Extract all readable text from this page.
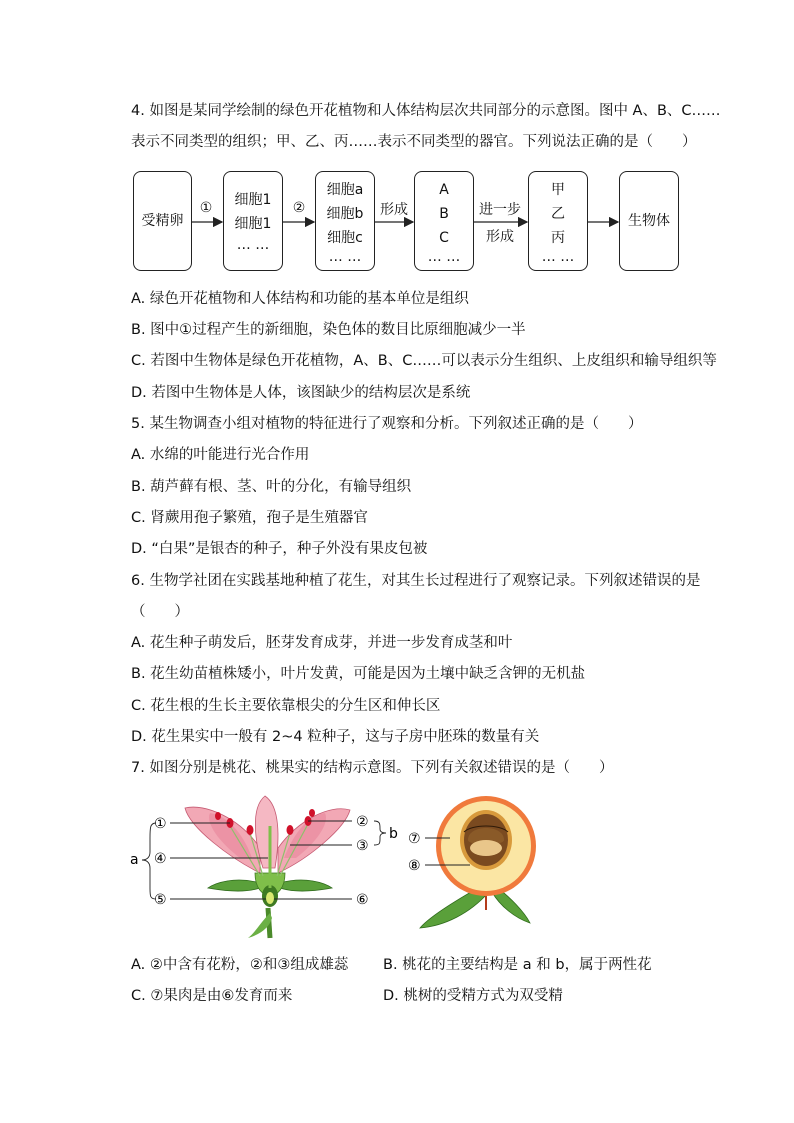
4. 如图是某同学绘制的绿色开花植物和人体结构层次共同部分的示意图。图中 A、B、C……
表示不同类型的组织；甲、乙、丙……表示不同类型的器官。下列说法正确的是（　　）
受精卵
①	细胞1
细胞1
… …
②
细胞a
细胞b
细胞c
… …
形成
A
B
C
… …
进一步
形成
甲
乙
丙
… …
生物体
A. 绿色开花植物和人体结构和功能的基本单位是组织
B. 图中①过程产生的新细胞，染色体的数目比原细胞减少一半
C. 若图中生物体是绿色开花植物，A、B、C……可以表示分生组织、上皮组织和输导组织等
D. 若图中生物体是人体，该图缺少的结构层次是系统
5. 某生物调查小组对植物的特征进行了观察和分析。下列叙述正确的是（　　）
A. 水绵的叶能进行光合作用
B. 葫芦藓有根、茎、叶的分化，有输导组织
C. 肾蕨用孢子繁殖，孢子是生殖器官
D. “白果”是银杏的种子，种子外没有果皮包被
6. 生物学社团在实践基地种植了花生，对其生长过程进行了观察记录。下列叙述错误的是
（　　）
A. 花生种子萌发后，胚芽发育成芽，并进一步发育成茎和叶
B. 花生幼苗植株矮小，叶片发黄，可能是因为土壤中缺乏含钾的无机盐
C. 花生根的生长主要依靠根尖的分生区和伸长区
D. 花生果实中一般有 2~4 粒种子，这与子房中胚珠的数量有关
7. 如图分别是桃花、桃果实的结构示意图。下列有关叙述错误的是（　　）
①
④
⑤
②
③
⑥
a
b ⑦
⑧
A. ②中含有花粉，②和③组成雄蕊 B. 桃花的主要结构是 a 和 b，属于两性花
C. ⑦果肉是由⑥发育而来	D. 桃树的受精方式为双受精
